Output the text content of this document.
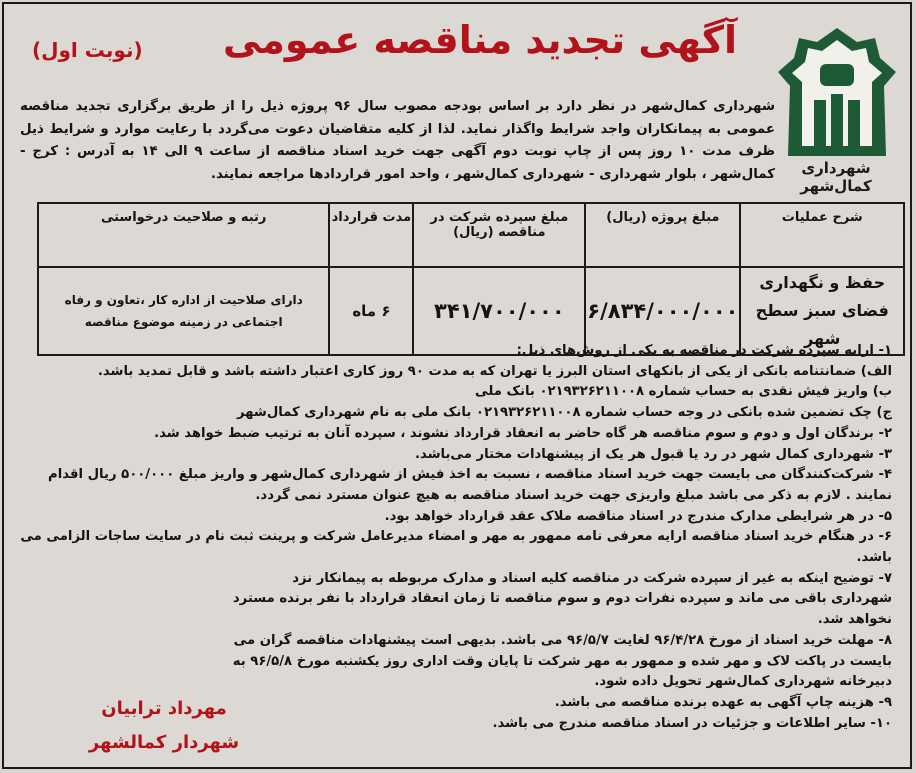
شهرداری کمال‌شهر
آگهی تجدید مناقصه عمومی
(نوبت اول)
شهرداری کمال‌شهر در نظر دارد بر اساس بودجه مصوب سال ۹۶ پروژه ذیل را از طریق برگزاری تجدید مناقصه عمومی به پیمانکاران واجد شرایط واگذار نماید. لذا از کلیه متقاضیان دعوت می‌گردد با رعایت موارد و شرایط ذیل ظرف مدت ۱۰ روز پس از چاپ نوبت دوم آگهی جهت خرید اسناد مناقصه از ساعت ۹ الی ۱۴ به آدرس : کرج - کمال‌شهر ، بلوار شهرداری - شهرداری کمال‌شهر ، واحد امور قراردادها مراجعه نمایند.
شرح عملیات	مبلغ پروژه (ریال)	مبلغ سپرده شرکت در مناقصه (ریال)	مدت قرارداد	رتبه و صلاحیت درخواستی
حفظ و نگهداری فضای سبز سطح شهر	۶/۸۳۴/۰۰۰/۰۰۰	۳۴۱/۷۰۰/۰۰۰	۶ ماه	دارای صلاحیت از اداره کار ،تعاون و رفاه اجتماعی در زمینه موضوع مناقصه

۱- ارایه سپرده شرکت در مناقصه به یکی از روش‌های ذیل:

الف) ضمانتنامه بانکی از یکی از بانکهای استان البرز یا تهران که به مدت ۹۰ روز کاری اعتبار داشته باشد و قابل تمدید باشد.

ب) واریز فیش نقدی به حساب شماره ۰۲۱۹۳۲۶۲۱۱۰۰۸ بانک ملی

ج) چک تضمین شده بانکی در وجه حساب شماره ۰۲۱۹۳۲۶۲۱۱۰۰۸ بانک ملی به نام شهرداری کمال‌شهر

۲- برندگان اول و دوم و سوم مناقصه هر گاه حاضر به انعقاد قرارداد نشوند ، سپرده آنان به ترتیب ضبط خواهد شد.

۳- شهرداری کمال شهر در رد یا قبول هر یک از پیشنهادات مختار می‌باشد.

۴- شرکت‌کنندگان می بایست جهت خرید اسناد مناقصه ، نسبت به اخذ فیش از شهرداری کمال‌شهر و واریز مبلغ ۵۰۰/۰۰۰ ریال اقدام نمایند . لازم به ذکر می باشد مبلغ واریزی جهت خرید اسناد مناقصه به هیچ عنوان مسترد نمی گردد.

۵- در هر شرایطی مدارک مندرج در اسناد مناقصه ملاک عقد قرارداد خواهد بود.

۶- در هنگام خرید اسناد مناقصه ارایه معرفی نامه ممهور به مهر و امضاء مدیرعامل شرکت و پرینت ثبت نام در سایت ساجات الزامی می باشد.

۷- توضیح اینکه به غیر از سپرده شرکت در مناقصه کلیه اسناد و مدارک مربوطه به پیمانکار نزد شهرداری باقی می ماند و سپرده نفرات دوم و سوم مناقصه تا زمان انعقاد قرارداد با نفر برنده مسترد نخواهد شد.

۸- مهلت خرید اسناد از مورخ ۹۶/۴/۲۸ لغایت ۹۶/۵/۷ می باشد. بدیهی است پیشنهادات مناقصه گران می بایست در پاکت لاک و مهر شده و ممهور به مهر شرکت تا پایان وقت اداری روز یکشنبه مورخ ۹۶/۵/۸ به دبیرخانه شهرداری کمال‌شهر تحویل داده شود.

۹- هزینه چاپ آگهی به عهده برنده مناقصه می باشد.

۱۰- سایر اطلاعات و جزئیات در اسناد مناقصه مندرج می باشد.

مهرداد ترابیان
شهردار کمالشهر
